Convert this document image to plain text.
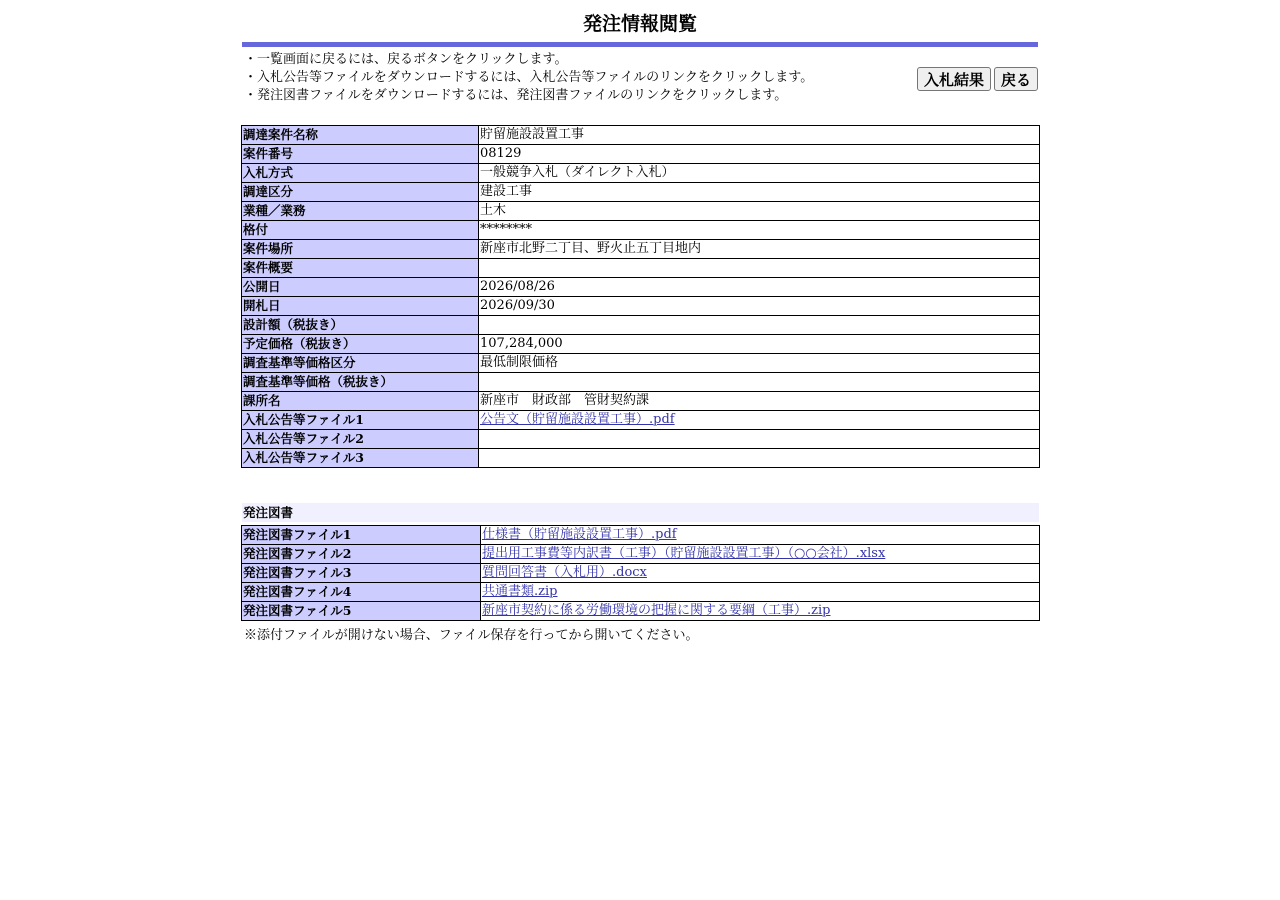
発注情報閲覧
・一覧画面に戻るには、戻るボタンをクリックします。
・入札公告等ファイルをダウンロードするには、入札公告等ファイルのリンクをクリックします。
・発注図書ファイルをダウンロードするには、発注図書ファイルのリンクをクリックします。
入札結果	戻る
調達案件名称	貯留施設設置工事
案件番号	08129
入札方式	一般競争入札（ダイレクト入札）
調達区分	建設工事
業種／業務	土木
格付	********
案件場所	新座市北野二丁目、野火止五丁目地内
案件概要	
公開日	2026/08/26
開札日	2026/09/30
設計額（税抜き）	
予定価格（税抜き）	107,284,000
調査基準等価格区分	最低制限価格
調査基準等価格（税抜き）	
課所名	新座市　財政部　管財契約課
入札公告等ファイル1	公告文（貯留施設設置工事）.pdf
入札公告等ファイル2	
入札公告等ファイル3	
発注図書
発注図書ファイル1	仕様書（貯留施設設置工事）.pdf
発注図書ファイル2	提出用工事費等内訳書（工事）（貯留施設設置工事）（○○会社）.xlsx
発注図書ファイル3	質問回答書（入札用）.docx
発注図書ファイル4	共通書類.zip
発注図書ファイル5	新座市契約に係る労働環境の把握に関する要綱（工事）.zip
※添付ファイルが開けない場合、ファイル保存を行ってから開いてください。
